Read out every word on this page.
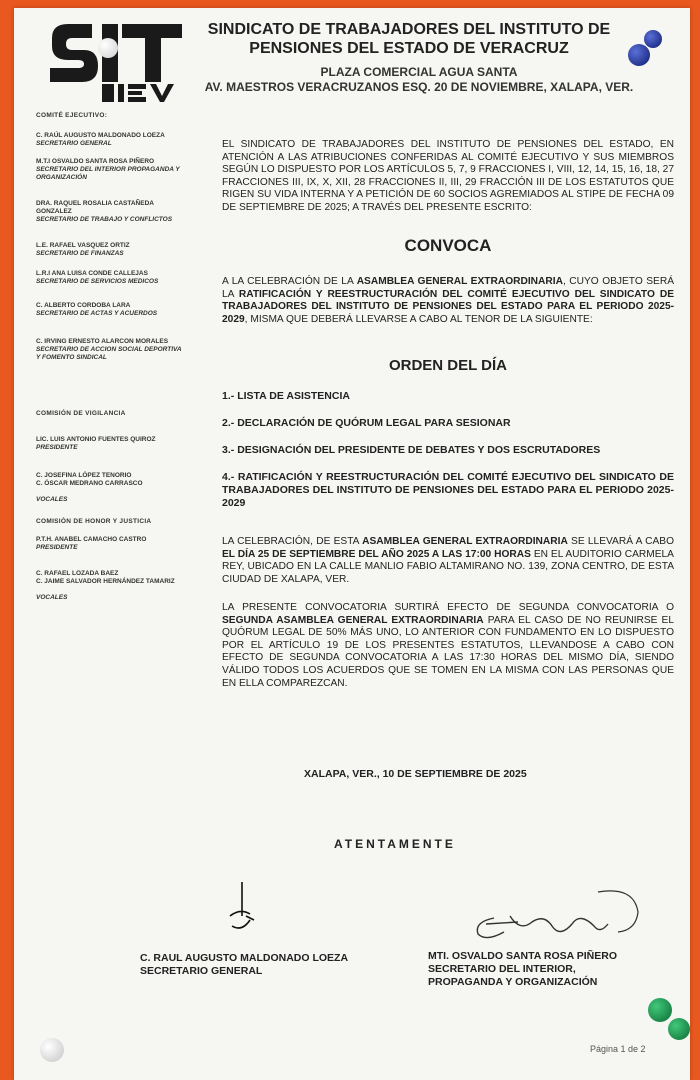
SINDICATO DE TRABAJADORES DEL INSTITUTO DE
PENSIONES DEL ESTADO DE VERACRUZ
PLAZA COMERCIAL AGUA SANTA
AV. MAESTROS VERACRUZANOS ESQ. 20 DE NOVIEMBRE, XALAPA, VER.
COMITÉ EJECUTIVO:
C. RAÚL AUGUSTO MALDONADO LOEZA
SECRETARIO GENERAL
M.T.I OSVALDO SANTA ROSA PIÑERO
SECRETARIO DEL INTERIOR PROPAGANDA Y ORGANIZACIÓN
DRA. RAQUEL ROSALIA CASTAÑEDA GONZALEZ
SECRETARIO DE TRABAJO Y CONFLICTOS
L.E. RAFAEL VASQUEZ ORTIZ
SECRETARIO DE FINANZAS
L.R.I ANA LUISA CONDE CALLEJAS
SECRETARIO DE SERVICIOS MEDICOS
C. ALBERTO CORDOBA LARA
SECRETARIO DE ACTAS Y ACUERDOS
C. IRVING ERNESTO ALARCON MORALES
SECRETARIO DE ACCION SOCIAL DEPORTIVA Y FOMENTO SINDICAL
COMISIÓN DE VIGILANCIA
LIC. LUIS ANTONIO FUENTES QUIROZ
PRESIDENTE

C. JOSEFINA LÓPEZ TENORIO
C. ÓSCAR MEDRANO CARRASCO

VOCALES

COMISIÓN DE HONOR Y JUSTICIA
P.T.H. ANABEL CAMACHO CASTRO
PRESIDENTE

C. RAFAEL LOZADA BAEZ
C. JAIME SALVADOR HERNÁNDEZ TAMARIZ

VOCALES

EL SINDICATO DE TRABAJADORES DEL INSTITUTO DE PENSIONES DEL ESTADO, EN ATENCIÓN A LAS ATRIBUCIONES CONFERIDAS AL COMITÉ EJECUTIVO Y SUS MIEMBROS SEGÚN LO DISPUESTO POR LOS ARTÍCULOS 5, 7, 9 FRACCIONES I, VIII, 12, 14, 15, 16, 18, 27 FRACCIONES III, IX, X, XII, 28 FRACCIONES II, III, 29 FRACCIÓN III DE LOS ESTATUTOS QUE RIGEN SU VIDA INTERNA Y A PETICIÓN DE 60 SOCIOS AGREMIADOS AL STIPE DE FECHA 09 DE SEPTIEMBRE DE 2025; A TRAVÉS DEL PRESENTE ESCRITO:
CONVOCA
A LA CELEBRACIÓN DE LA ASAMBLEA GENERAL EXTRAORDINARIA, CUYO OBJETO SERÁ LA RATIFICACIÓN Y REESTRUCTURACIÓN DEL COMITÉ EJECUTIVO DEL SINDICATO DE TRABAJADORES DEL INSTITUTO DE PENSIONES DEL ESTADO PARA EL PERIODO 2025-2029, MISMA QUE DEBERÁ LLEVARSE A CABO AL TENOR DE LA SIGUIENTE:
ORDEN DEL DÍA
1.- LISTA DE ASISTENCIA
2.- DECLARACIÓN DE QUÓRUM LEGAL PARA SESIONAR
3.- DESIGNACIÓN DEL PRESIDENTE DE DEBATES Y DOS ESCRUTADORES
4.- RATIFICACIÓN Y REESTRUCTURACIÓN DEL COMITÉ EJECUTIVO DEL SINDICATO DE TRABAJADORES DEL INSTITUTO DE PENSIONES DEL ESTADO PARA EL PERIODO 2025-2029
LA CELEBRACIÓN, DE ESTA ASAMBLEA GENERAL EXTRAORDINARIA SE LLEVARÁ A CABO EL DÍA 25 DE SEPTIEMBRE DEL AÑO 2025 A LAS 17:00 HORAS EN EL AUDITORIO CARMELA REY, UBICADO EN LA CALLE MANLIO FABIO ALTAMIRANO NO. 139, ZONA CENTRO, DE ESTA CIUDAD DE XALAPA, VER.
LA PRESENTE CONVOCATORIA SURTIRÁ EFECTO DE SEGUNDA CONVOCATORIA O SEGUNDA ASAMBLEA GENERAL EXTRAORDINARIA PARA EL CASO DE NO REUNIRSE EL QUÓRUM LEGAL DE 50% MÁS UNO, LO ANTERIOR CON FUNDAMENTO EN LO DISPUESTO POR EL ARTÍCULO 19 DE LOS PRESENTES ESTATUTOS, LLEVANDOSE A CABO CON EFECTO DE SEGUNDA CONVOCATORIA A LAS 17:30 HORAS DEL MISMO DÍA, SIENDO VÁLIDO TODOS LOS ACUERDOS QUE SE TOMEN EN LA MISMA CON LAS PERSONAS QUE EN ELLA COMPAREZCAN.
XALAPA, VER., 10 DE SEPTIEMBRE DE 2025
ATENTAMENTE
C. RAUL AUGUSTO MALDONADO LOEZA
SECRETARIO GENERAL
MTI. OSVALDO SANTA ROSA PIÑERO
SECRETARIO DEL INTERIOR,
PROPAGANDA Y ORGANIZACIÓN
Página 1 de 2
